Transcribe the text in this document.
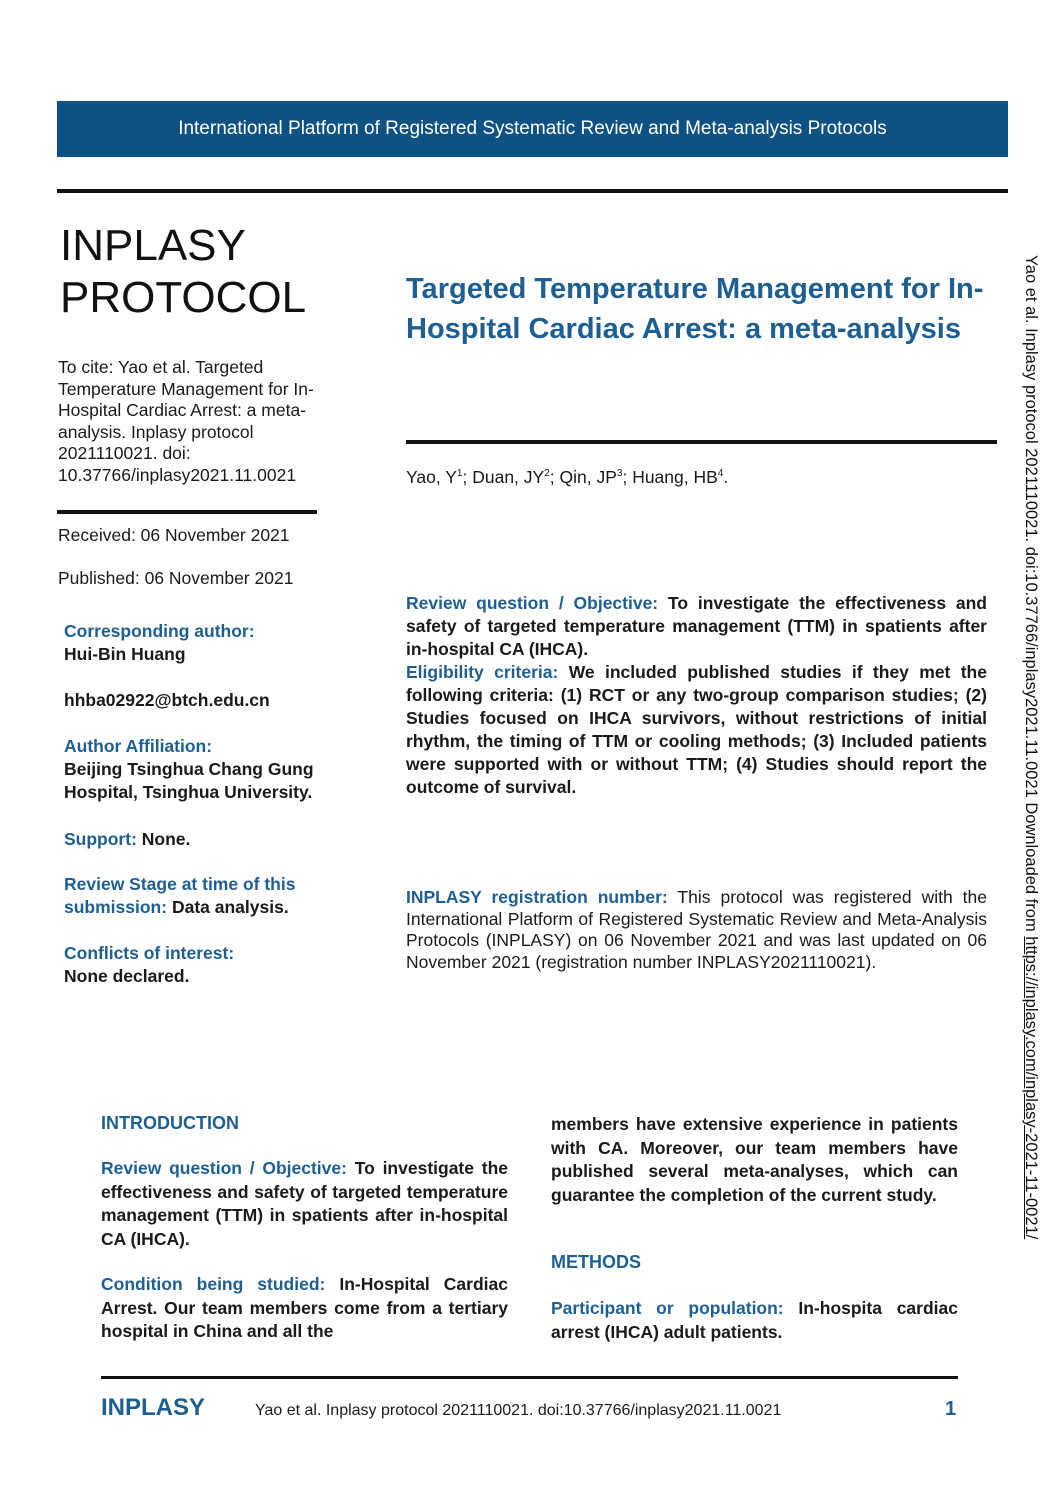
International Platform of Registered Systematic Review and Meta-analysis Protocols
INPLASY
PROTOCOL
To cite: Yao et al. Targeted Temperature Management for In-Hospital Cardiac Arrest: a meta-analysis. Inplasy protocol 2021110021. doi: 10.37766/inplasy2021.11.0021
Received: 06 November 2021
Published: 06 November 2021
Corresponding author:
Hui-Bin Huang
hhba02922@btch.edu.cn
Author Affiliation:
Beijing Tsinghua Chang Gung Hospital, Tsinghua University.
Support: None.
Review Stage at time of this submission: Data analysis.
Conflicts of interest:
None declared.
Targeted Temperature Management for In-Hospital Cardiac Arrest: a meta-analysis
Yao, $Y^1$; Duan, $JY^2$; Qin, $JP^3$; Huang, $HB^4$.
Review question / Objective: To investigate the effectiveness and safety of targeted temperature management (TTM) in spatients after in-hospital CA (IHCA).
Eligibility criteria: We included published studies if they met the following criteria: (1) RCT or any two-group comparison studies; (2) Studies focused on IHCA survivors, without restrictions of initial rhythm, the timing of TTM or cooling methods; (3) Included patients were supported with or without TTM; (4) Studies should report the outcome of survival.
INPLASY registration number: This protocol was registered with the International Platform of Registered Systematic Review and Meta-Analysis Protocols (INPLASY) on 06 November 2021 and was last updated on 06 November 2021 (registration number INPLASY2021110021).
INTRODUCTION
Review question / Objective: To investigate the effectiveness and safety of targeted temperature management (TTM) in spatients after in-hospital CA (IHCA).
Condition being studied: In-Hospital Cardiac Arrest. Our team members come from a tertiary hospital in China and all the
members have extensive experience in patients with CA. Moreover, our team members have published several meta-analyses, which can guarantee the completion of the current study.
METHODS
Participant or population: In-hospita cardiac arrest (IHCA) adult patients.
Yao et al. Inplasy protocol 2021110021. doi:10.37766/inplasy2021.11.0021 Downloaded from https://inplasy.com/inplasy-2021-11-0021/
INPLASY	Yao et al. Inplasy protocol 2021110021. doi:10.37766/inplasy2021.11.0021	1
